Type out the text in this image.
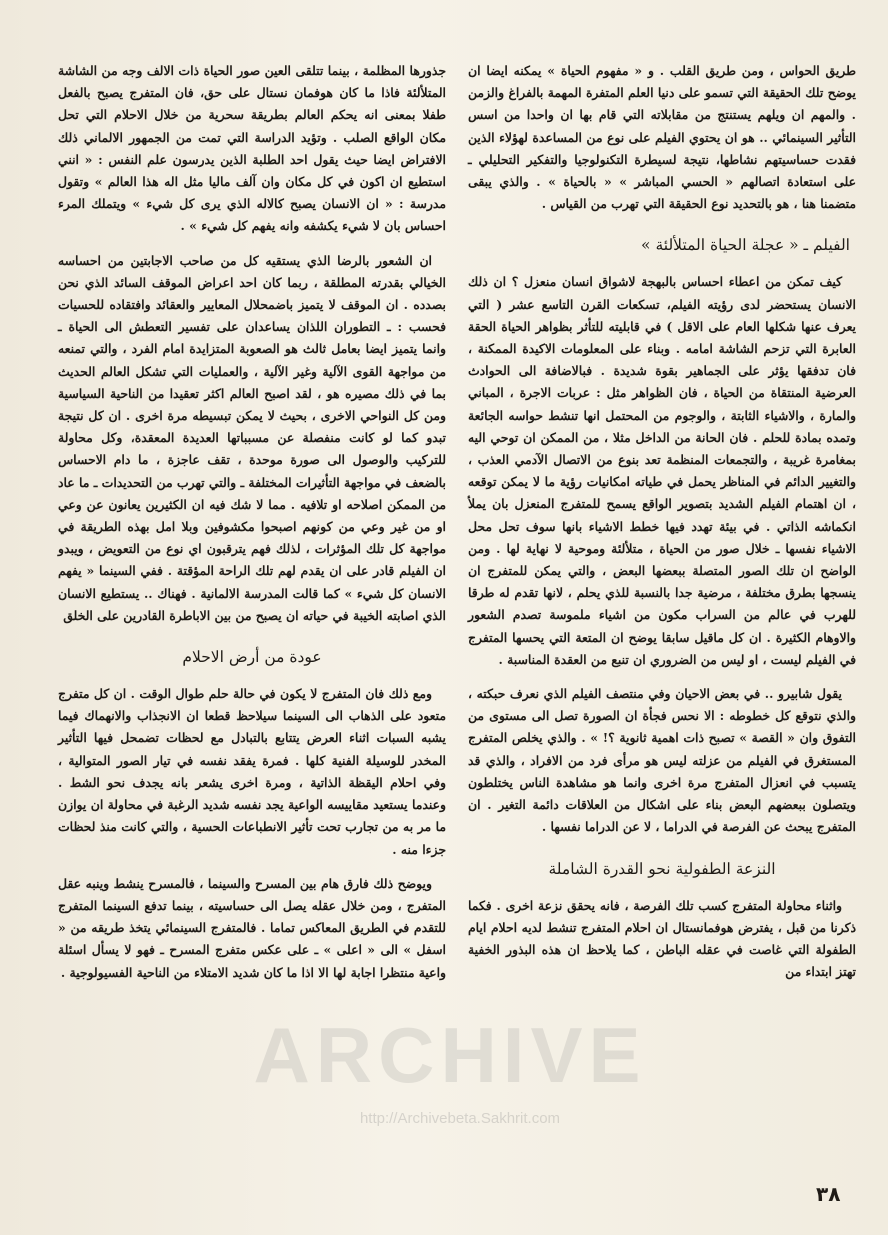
طريق الحواس ، ومن طريق القلب . و « مفهوم الحياة » يمكنه ايضا ان يوضح تلك الحقيقة التي تسمو على دنيا العلم المتفرة المهمة بالفراغ والزمن . والمهم ان ويلهم يستنتج من مقابلاته التي قام بها ان واحدا من اسس التأثير السينمائي .. هو ان يحتوي الفيلم على نوع من المساعدة لهؤلاء الذين فقدت حساسيتهم نشاطها، نتيجة لسيطرة التكنولوجيا والتفكير التحليلي ـ على استعادة اتصالهم « الحسي المباشر » « بالحياة » . والذي يبقى متضمنا هنا ، هو بالتحديد نوع الحقيقة التي تهرب من القياس .

الفيلم ـ « عجلة الحياة المتلألئة »

كيف تمكن من اعطاء احساس بالبهجة لاشواق انسان منعزل ؟ ان ذلك الانسان يستحضر لدى رؤيته الفيلم، تسكعات القرن التاسع عشر ( التي يعرف عنها شكلها العام على الاقل ) في قابليته للتأثر بظواهر الحياة الحقة العابرة التي تزحم الشاشة امامه . وبناء على المعلومات الاكيدة الممكنة ، فان تدفقها يؤثر على الجماهير بقوة شديدة . فبالاضافة الى الحوادث العرضية المنتقاة من الحياة ، فان الظواهر مثل : عربات الاجرة ، المباني والمارة ، والاشياء الثابتة ، والوجوم من المحتمل انها تنشط حواسه الجائعة وتمده بمادة للحلم . فان الحانة من الداخل مثلا ، من الممكن ان توحي اليه بمغامرة غريبة ، والتجمعات المنظمة تعد بنوع من الاتصال الآدمي العذب ، والتغيير الدائم في المناظر يحمل في طياته امكانيات رؤية ما لا يمكن توقعه ، ان اهتمام الفيلم الشديد بتصوير الواقع يسمح للمتفرج المنعزل بان يملأ انكماشه الذاتي . في بيئة تهدد فيها خطط الاشياء بانها سوف تحل محل الاشياء نفسها ـ خلال صور من الحياة ، متلألئة وموحية لا نهاية لها . ومن الواضح ان تلك الصور المتصلة ببعضها البعض ، والتي يمكن للمتفرج ان ينسجها بطرق مختلفة ، مرضية جدا بالنسبة للذي يحلم ، لانها تقدم له طرقا للهرب في عالم من السراب مكون من اشياء ملموسة تصدم الشعور والاوهام الكثيرة . ان كل ماقيل سابقا يوضح ان المتعة التي يحسها المتفرج في الفيلم ليست ، او ليس من الضروري ان تنبع من العقدة المناسبة .

يقول شابيرو .. في بعض الاحيان وفي منتصف الفيلم الذي نعرف حبكته ، والذي نتوقع كل خطوطه : الا نحس فجأة ان الصورة تصل الى مستوى من التفوق وان « القصة » تصبح ذات اهمية ثانوية ؟! » . والذي يخلص المتفرج المستغرق في الفيلم من عزلته ليس هو مرأى فرد من الافراد ، والذي قد يتسبب في انعزال المتفرج مرة اخرى وانما هو مشاهدة الناس يختلطون ويتصلون ببعضهم البعض بناء على اشكال من العلاقات دائمة التغير . ان المتفرج يبحث عن الفرصة في الدراما ، لا عن الدراما نفسها .

النزعة الطفولية نحو القدرة الشاملة

واثناء محاولة المتفرج كسب تلك الفرصة ، فانه يحقق نزعة اخرى . فكما ذكرنا من قبل ، يفترض هوفمانستال ان احلام المتفرج تنشط لديه احلام ايام الطفولة التي غاصت في عقله الباطن ، كما يلاحظ ان هذه البذور الخفية تهتز ابتداء من

جذورها المظلمة ، بينما تتلقى العين صور الحياة ذات الالف وجه من الشاشة المتلألئة فاذا ما كان هوفمان نستال على حق، فان المتفرج يصبح بالفعل طفلا بمعنى انه يحكم العالم بطريقة سحرية من خلال الاحلام التي تحل مكان الواقع الصلب . وتؤيد الدراسة التي تمت من الجمهور الالماني ذلك الافتراض ايضا حيث يقول احد الطلبة الذين يدرسون علم النفس : « انني استطيع ان اكون في كل مكان وان آلف ماليا مثل اله هذا العالم » وتقول مدرسة : « ان الانسان يصبح كالاله الذي يرى كل شيء » ويتملك المرء احساس بان لا شيء يكشفه وانه يفهم كل شيء » .

ان الشعور بالرضا الذي يستقيه كل من صاحب الاجابتين من احساسه الخيالي بقدرته المطلقة ، ربما كان احد اعراض الموقف السائد الذي نحن بصدده . ان الموقف لا يتميز باضمحلال المعايير والعقائد وافتقاده للحسيات فحسب : ـ التطوران اللذان يساعدان على تفسير التعطش الى الحياة ـ وانما يتميز ايضا بعامل ثالث هو الصعوبة المتزايدة امام الفرد ، والتي تمنعه من مواجهة القوى الآلية وغير الآلية ، والعمليات التي تشكل العالم الحديث بما في ذلك مصيره هو ، لقد اصبح العالم اكثر تعقيدا من الناحية السياسية ومن كل النواحي الاخرى ، بحيث لا يمكن تبسيطه مرة اخرى . ان كل نتيجة تبدو كما لو كانت منفصلة عن مسبباتها العديدة المعقدة، وكل محاولة للتركيب والوصول الى صورة موحدة ، تقف عاجزة ، ما دام الاحساس بالضعف في مواجهة التأثيرات المختلفة ـ والتي تهرب من التحديدات ـ ما عاد من الممكن اصلاحه او تلافيه . مما لا شك فيه ان الكثيرين يعانون عن وعي او من غير وعي من كونهم اصبحوا مكشوفين وبلا امل بهذه الطريقة في مواجهة كل تلك المؤثرات ، لذلك فهم يترقبون اي نوع من التعويض ، ويبدو ان الفيلم قادر على ان يقدم لهم تلك الراحة المؤقتة . ففي السينما « يفهم الانسان كل شيء » كما قالت المدرسة الالمانية . فهناك .. يستطيع الانسان الذي اصابته الخيبة في حياته ان يصبح من بين الاباطرة القادرين على الخلق

عودة من أرض الاحلام

ومع ذلك فان المتفرج لا يكون في حالة حلم طوال الوقت . ان كل متفرج متعود على الذهاب الى السينما سيلاحظ قطعا ان الانجذاب والانهماك فيما يشبه السبات اثناء العرض يتتابع بالتبادل مع لحظات تضمحل فيها التأثير المخدر للوسيلة الفنية كلها . فمرة يفقد نفسه في تيار الصور المتوالية ، وفي احلام اليقظة الذاتية ، ومرة اخرى يشعر بانه يجدف نحو الشط . وعندما يستعيد مقاييسه الواعية يجد نفسه شديد الرغبة في محاولة ان يوازن ما مر به من تجارب تحت تأثير الانطباعات الحسية ، والتي كانت منذ لحظات جزءا منه .

ويوضح ذلك فارق هام بين المسرح والسينما ، فالمسرح ينشط وينبه عقل المتفرج ، ومن خلال عقله يصل الى حساسيته ، بينما تدفع السينما المتفرج للتقدم في الطريق المعاكس تماما . فالمتفرج السينمائي يتخذ طريقه من « اسفل » الى « اعلى » ـ على عكس متفرج المسرح ـ فهو لا يسأل اسئلة واعية منتظرا اجابة لها الا اذا ما كان شديد الامتلاء من الناحية الفسيولوجية .

ARCHIVE
http://Archivebeta.Sakhrit.com
٣٨
